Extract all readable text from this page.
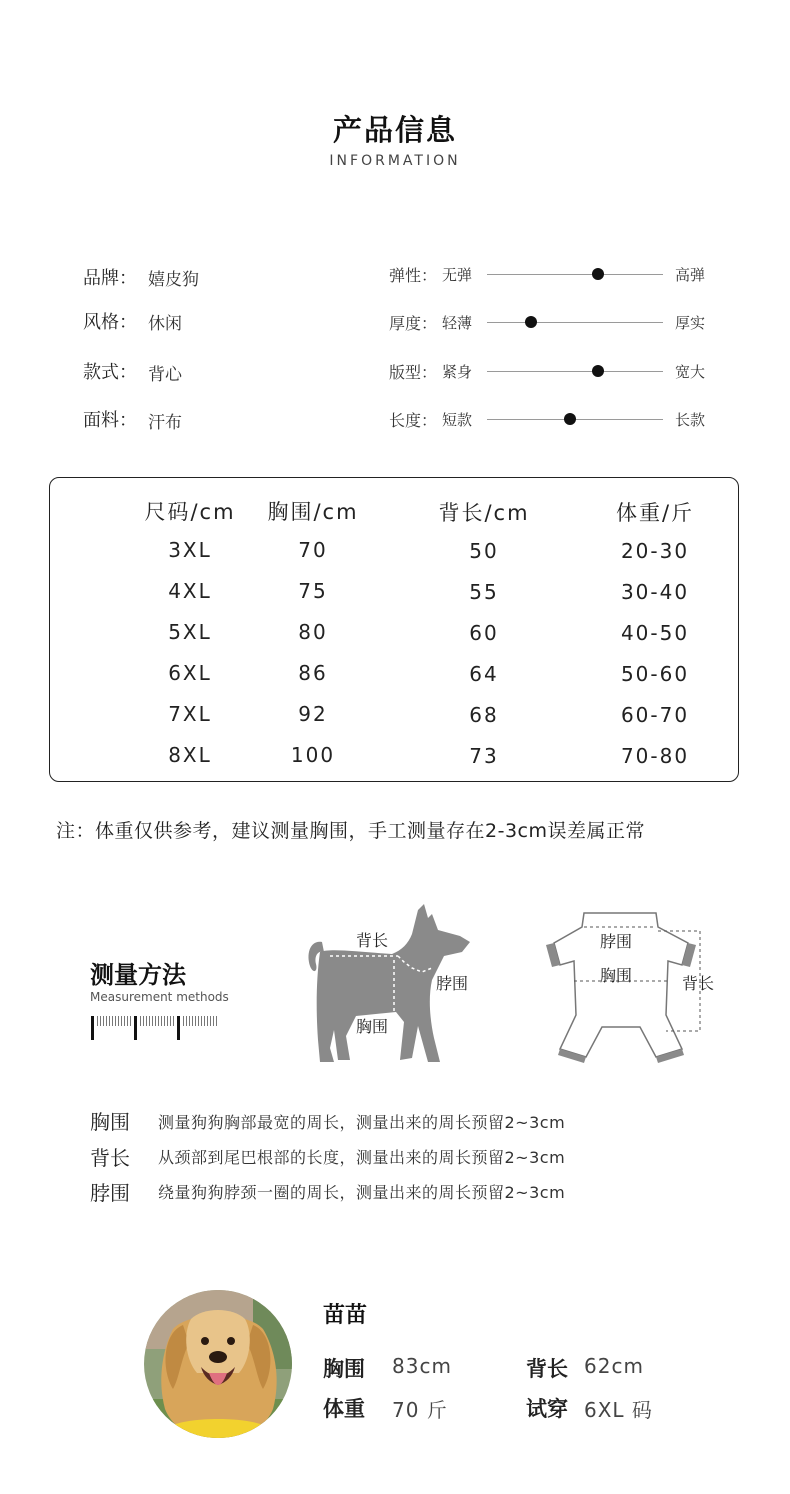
产品信息
INFORMATION
品牌： 嬉皮狗
风格： 休闲
款式： 背心
面料： 汗布
弹性： 无弹	高弹
厚度： 轻薄	厚实
版型： 紧身	宽大
长度： 短款	长款
尺码/cm	胸围/cm	背长/cm	体重/斤
3XL	70	50	20-30
4XL	75	55	30-40
5XL	80	60	40-50
6XL	86	64	50-60
7XL	92	68	60-70
8XL	100	73	70-80
注：体重仅供参考，建议测量胸围，手工测量存在2-3cm误差属正常
测量方法
Measurement methods
背长
脖围
胸围
脖围
胸围	背长
胸围 测量狗狗胸部最宽的周长，测量出来的周长预留2~3cm
背长 从颈部到尾巴根部的长度，测量出来的周长预留2~3cm
脖围 绕量狗狗脖颈一圈的周长，测量出来的周长预留2~3cm
苗苗
胸围 83cm	背长 62cm
体重 70 斤	试穿 6XL 码
